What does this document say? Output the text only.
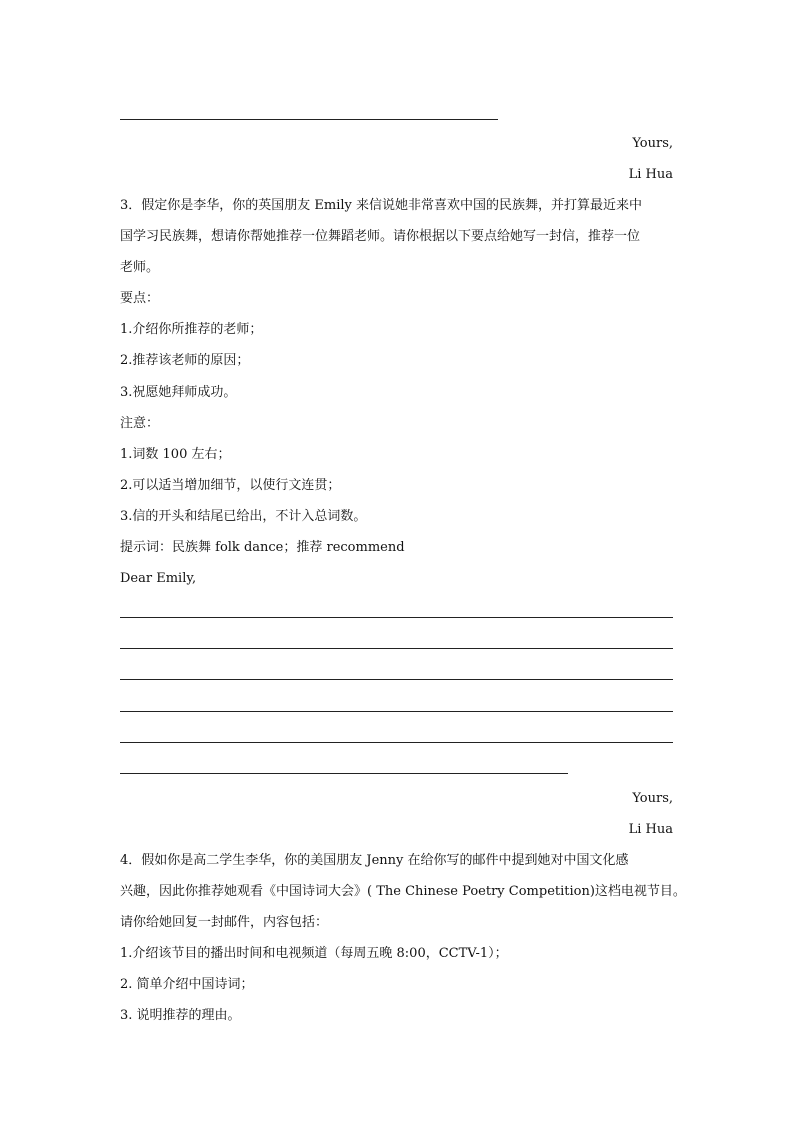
Yours,
Li Hua
3．假定你是李华，你的英国朋友 Emily 来信说她非常喜欢中国的民族舞，并打算最近来中
国学习民族舞，想请你帮她推荐一位舞蹈老师。请你根据以下要点给她写一封信，推荐一位
老师。
要点：
1.介绍你所推荐的老师；
2.推荐该老师的原因；
3.祝愿她拜师成功。
注意：
1.词数 100 左右；
2.可以适当增加细节，以使行文连贯；
3.信的开头和结尾已给出，不计入总词数。
提示词：民族舞 folk dance；推荐 recommend
Dear Emily,
Yours,
Li Hua
4．假如你是高二学生李华，你的美国朋友 Jenny 在给你写的邮件中提到她对中国文化感
兴趣，因此你推荐她观看《中国诗词大会》( The Chinese Poetry Competition)这档电视节目。
请你给她回复一封邮件，内容包括：
1.介绍该节目的播出时间和电视频道（每周五晚 8:00，CCTV-1）；
2. 简单介绍中国诗词；
3. 说明推荐的理由。
